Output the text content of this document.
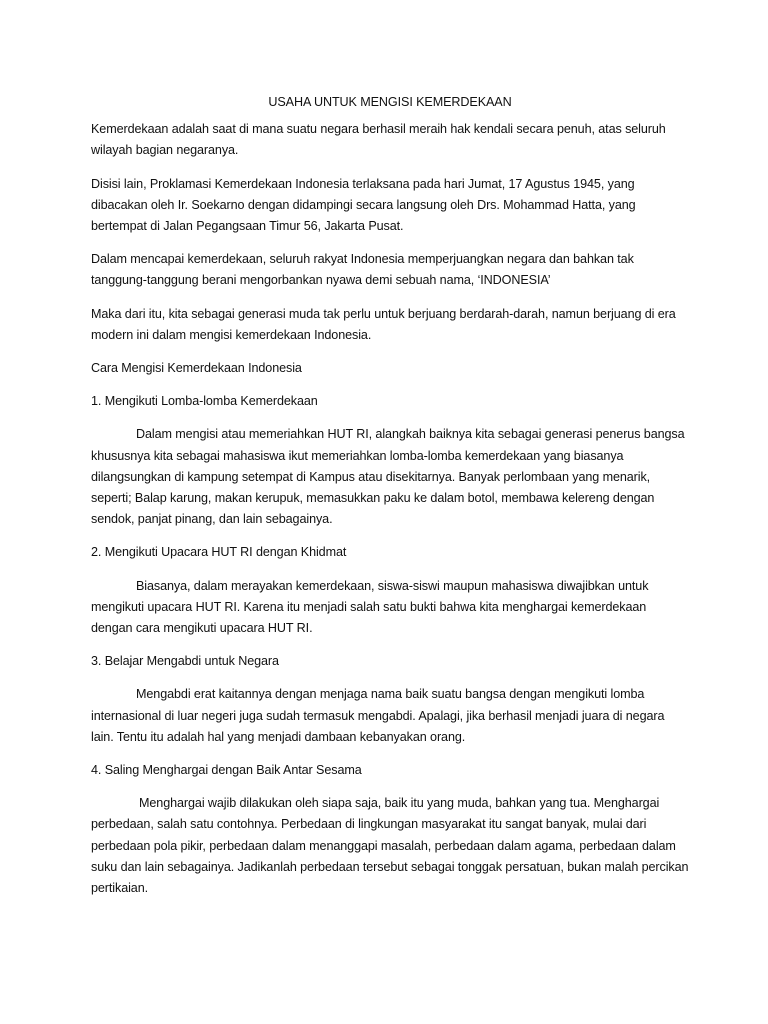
USAHA UNTUK MENGISI KEMERDEKAAN

Kemerdekaan adalah saat di mana suatu negara berhasil meraih hak kendali secara penuh, atas seluruh wilayah bagian negaranya.

Disisi lain, Proklamasi Kemerdekaan Indonesia terlaksana pada hari Jumat, 17 Agustus 1945, yang dibacakan oleh Ir. Soekarno dengan didampingi secara langsung oleh Drs. Mohammad Hatta, yang bertempat di Jalan Pegangsaan Timur 56, Jakarta Pusat.

Dalam mencapai kemerdekaan, seluruh rakyat Indonesia memperjuangkan negara dan bahkan tak tanggung-tanggung berani mengorbankan nyawa demi sebuah nama, ‘INDONESIA’

Maka dari itu, kita sebagai generasi muda tak perlu untuk berjuang berdarah-darah, namun berjuang di era modern ini dalam mengisi kemerdekaan Indonesia.

Cara Mengisi Kemerdekaan Indonesia

1. Mengikuti Lomba-lomba Kemerdekaan

Dalam mengisi atau memeriahkan HUT RI, alangkah baiknya kita sebagai generasi penerus bangsa khususnya kita sebagai mahasiswa ikut memeriahkan lomba-lomba kemerdekaan yang biasanya dilangsungkan di kampung setempat di Kampus atau disekitarnya. Banyak perlombaan yang menarik, seperti; Balap karung, makan kerupuk, memasukkan paku ke dalam botol, membawa kelereng dengan sendok, panjat pinang, dan lain sebagainya.

2. Mengikuti Upacara HUT RI dengan Khidmat

Biasanya, dalam merayakan kemerdekaan, siswa-siswi maupun mahasiswa diwajibkan untuk mengikuti upacara HUT RI. Karena itu menjadi salah satu bukti bahwa kita menghargai kemerdekaan dengan cara mengikuti upacara HUT RI.

3. Belajar Mengabdi untuk Negara

Mengabdi erat kaitannya dengan menjaga nama baik suatu bangsa dengan mengikuti lomba internasional di luar negeri juga sudah termasuk mengabdi. Apalagi, jika berhasil menjadi juara di negara lain. Tentu itu adalah hal yang menjadi dambaan kebanyakan orang.

4. Saling Menghargai dengan Baik Antar Sesama

Menghargai wajib dilakukan oleh siapa saja, baik itu yang muda, bahkan yang tua. Menghargai perbedaan, salah satu contohnya. Perbedaan di lingkungan masyarakat itu sangat banyak, mulai dari perbedaan pola pikir, perbedaan dalam menanggapi masalah, perbedaan dalam agama, perbedaan dalam suku dan lain sebagainya. Jadikanlah perbedaan tersebut sebagai tonggak persatuan, bukan malah percikan pertikaian.
